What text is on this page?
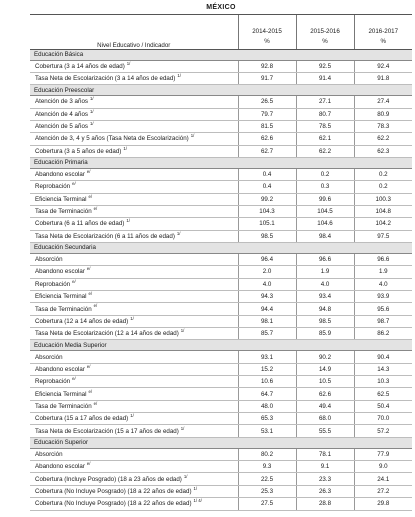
MÉXICO
Nivel Educativo / Indicador	2014-2015	2015-2016	2016-2017
	%	%	%
Educación Básica			
Cobertura (3 a 14 años de edad) $^{1/}$	92.8	92.5	92.4
Tasa Neta de Escolarización (3 a 14 años de edad) $^{1/}$	91.7	91.4	91.8
Educación Preescolar			
Atención de 3 años $^{1/}$	26.5	27.1	27.4
Atención de 4 años $^{1/}$	79.7	80.7	80.9
Atención de 5 años $^{1/}$	81.5	78.5	78.3
Atención de 3, 4 y 5 años (Tasa Neta de Escolarización) $^{1/}$	62.6	62.1	62.2
Cobertura (3 a 5 años de edad) $^{1/}$	62.7	62.2	62.3
Educación Primaria			
Abandono escolar $^{e/}$	0.4	0.2	0.2
Reprobación $^{e/}$	0.4	0.3	0.2
Eficiencia Terminal $^{e/}$	99.2	99.6	100.3
Tasa de Terminación $^{e/}$	104.3	104.5	104.8
Cobertura (6 a 11 años de edad) $^{1/}$	105.1	104.6	104.2
Tasa Neta de Escolarización (6 a 11 años de edad) $^{1/}$	98.5	98.4	97.5
Educación Secundaria			
Absorción	96.4	96.6	96.6
Abandono escolar $^{e/}$	2.0	1.9	1.9
Reprobación $^{e/}$	4.0	4.0	4.0
Eficiencia Terminal $^{e/}$	94.3	93.4	93.9
Tasa de Terminación $^{e/}$	94.4	94.8	95.6
Cobertura (12 a 14 años de edad) $^{1/}$	98.1	98.5	98.7
Tasa Neta de Escolarización (12 a 14 años de edad) $^{1/}$	85.7	85.9	86.2
Educación Media Superior			
Absorción	93.1	90.2	90.4
Abandono escolar $^{e/}$	15.2	14.9	14.3
Reprobación $^{e/}$	10.6	10.5	10.3
Eficiencia Terminal $^{e/}$	64.7	62.6	62.5
Tasa de Terminación $^{e/}$	48.0	49.4	50.4
Cobertura (15 a 17 años de edad) $^{1/}$	65.3	68.0	70.0
Tasa Neta de Escolarización (15 a 17 años de edad) $^{1/}$	53.1	55.5	57.2
Educación Superior			
Absorción	80.2	78.1	77.9
Abandono escolar $^{e/}$	9.3	9.1	9.0
Cobertura (Incluye Posgrado) (18 a 23 años de edad) $^{1/}$	22.5	23.3	24.1
Cobertura (No Incluye Posgrado) (18 a 22 años de edad) $^{1/}$	25.3	26.3	27.2
Cobertura (No Incluye Posgrado) (18 a 22 años de edad) $^{1/ 4/}$	27.5	28.8	29.8
